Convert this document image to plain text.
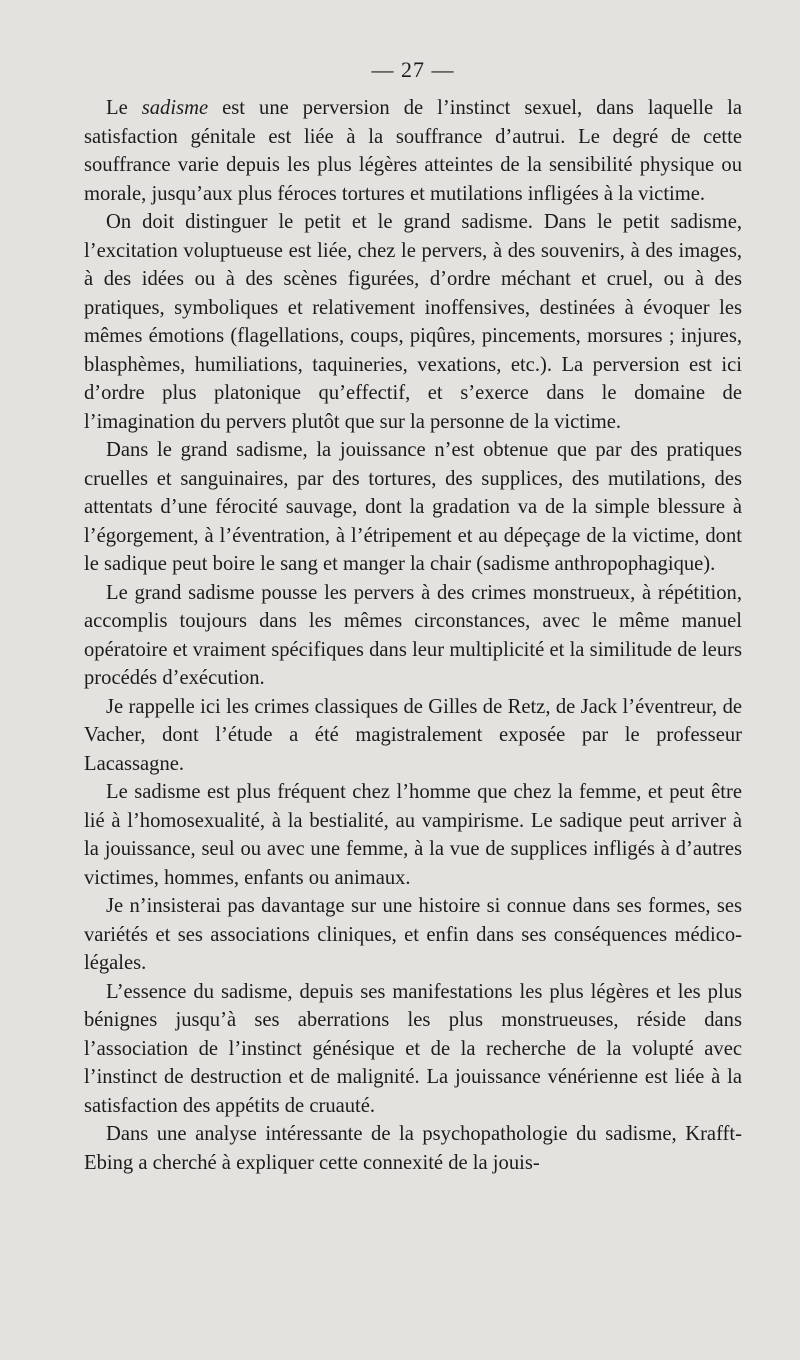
— 27 —

Le sadisme est une perversion de l’instinct sexuel, dans laquelle la satisfaction génitale est liée à la souffrance d’autrui. Le degré de cette souffrance varie depuis les plus légères atteintes de la sensibilité physique ou morale, jusqu’aux plus féroces tortures et mutilations infligées à la victime.

On doit distinguer le petit et le grand sadisme. Dans le petit sadisme, l’excitation voluptueuse est liée, chez le pervers, à des souvenirs, à des images, à des idées ou à des scènes figurées, d’ordre méchant et cruel, ou à des pratiques, symboliques et relativement inoffensives, destinées à évoquer les mêmes émotions (flagellations, coups, piqûres, pincements, morsures ; injures, blasphèmes, humiliations, taquineries, vexations, etc.). La perversion est ici d’ordre plus platonique qu’effectif, et s’exerce dans le domaine de l’imagination du pervers plutôt que sur la personne de la victime.

Dans le grand sadisme, la jouissance n’est obtenue que par des pratiques cruelles et sanguinaires, par des tortures, des supplices, des mutilations, des attentats d’une férocité sauvage, dont la gradation va de la simple blessure à l’égorgement, à l’éventration, à l’étripement et au dépeçage de la victime, dont le sadique peut boire le sang et manger la chair (sadisme anthropophagique).

Le grand sadisme pousse les pervers à des crimes monstrueux, à répétition, accomplis toujours dans les mêmes circonstances, avec le même manuel opératoire et vraiment spécifiques dans leur multiplicité et la similitude de leurs procédés d’exécution.

Je rappelle ici les crimes classiques de Gilles de Retz, de Jack l’éventreur, de Vacher, dont l’étude a été magistralement exposée par le professeur Lacassagne.

Le sadisme est plus fréquent chez l’homme que chez la femme, et peut être lié à l’homosexualité, à la bestialité, au vampirisme. Le sadique peut arriver à la jouissance, seul ou avec une femme, à la vue de supplices infligés à d’autres victimes, hommes, enfants ou animaux.

Je n’insisterai pas davantage sur une histoire si connue dans ses formes, ses variétés et ses associations cliniques, et enfin dans ses conséquences médico-légales.

L’essence du sadisme, depuis ses manifestations les plus légères et les plus bénignes jusqu’à ses aberrations les plus monstrueuses, réside dans l’association de l’instinct génésique et de la recherche de la volupté avec l’instinct de destruction et de malignité. La jouissance vénérienne est liée à la satisfaction des appétits de cruauté.

Dans une analyse intéressante de la psychopathologie du sadisme, Krafft-Ebing a cherché à expliquer cette connexité de la jouis-
